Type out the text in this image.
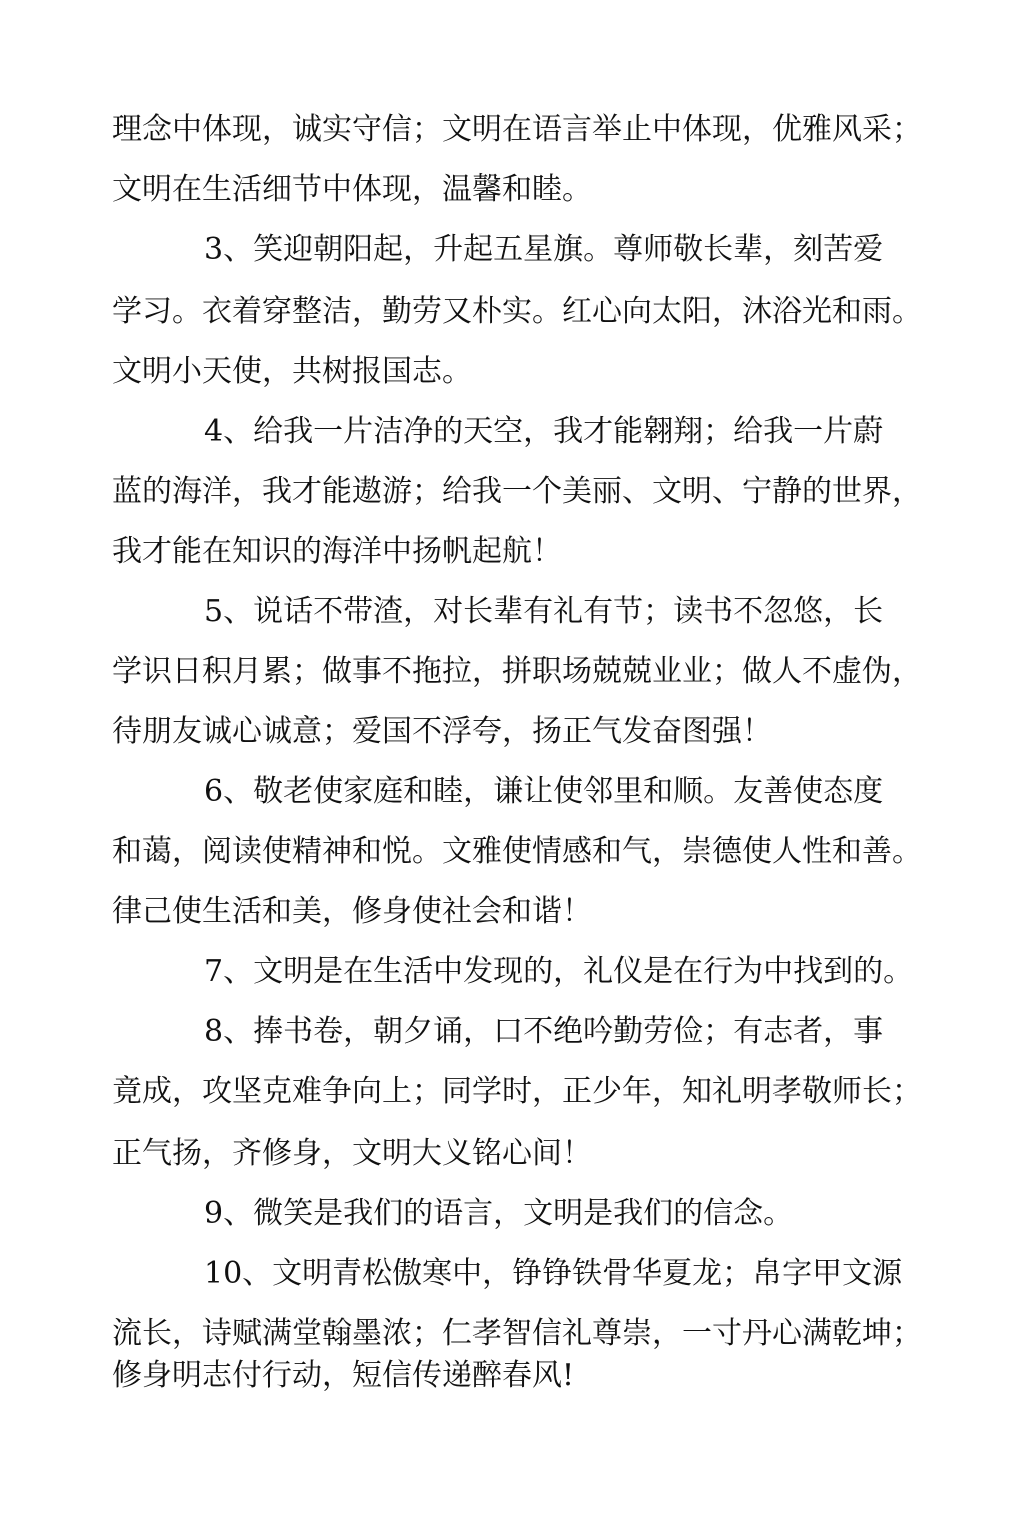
理念中体现，诚实守信；文明在语言举止中体现，优雅风采；
文明在生活细节中体现，温馨和睦。
3、笑迎朝阳起，升起五星旗。尊师敬长辈，刻苦爱
学习。衣着穿整洁，勤劳又朴实。红心向太阳，沐浴光和雨。
文明小天使，共树报国志。
4、给我一片洁净的天空，我才能翱翔；给我一片蔚
蓝的海洋，我才能遨游；给我一个美丽、文明、宁静的世界，
我才能在知识的海洋中扬帆起航！
5、说话不带渣，对长辈有礼有节；读书不忽悠，长
学识日积月累；做事不拖拉，拼职场兢兢业业；做人不虚伪，
待朋友诚心诚意；爱国不浮夸，扬正气发奋图强！
6、敬老使家庭和睦，谦让使邻里和顺。友善使态度
和蔼，阅读使精神和悦。文雅使情感和气，崇德使人性和善。
律己使生活和美，修身使社会和谐！
7、文明是在生活中发现的，礼仪是在行为中找到的。
8、捧书卷，朝夕诵，口不绝吟勤劳俭；有志者，事
竟成，攻坚克难争向上；同学时，正少年，知礼明孝敬师长；
正气扬，齐修身，文明大义铭心间！
9、微笑是我们的语言，文明是我们的信念。
10、文明青松傲寒中，铮铮铁骨华夏龙；帛字甲文源
流长，诗赋满堂翰墨浓；仁孝智信礼尊崇，一寸丹心满乾坤；
修身明志付行动，短信传递醉春风!
